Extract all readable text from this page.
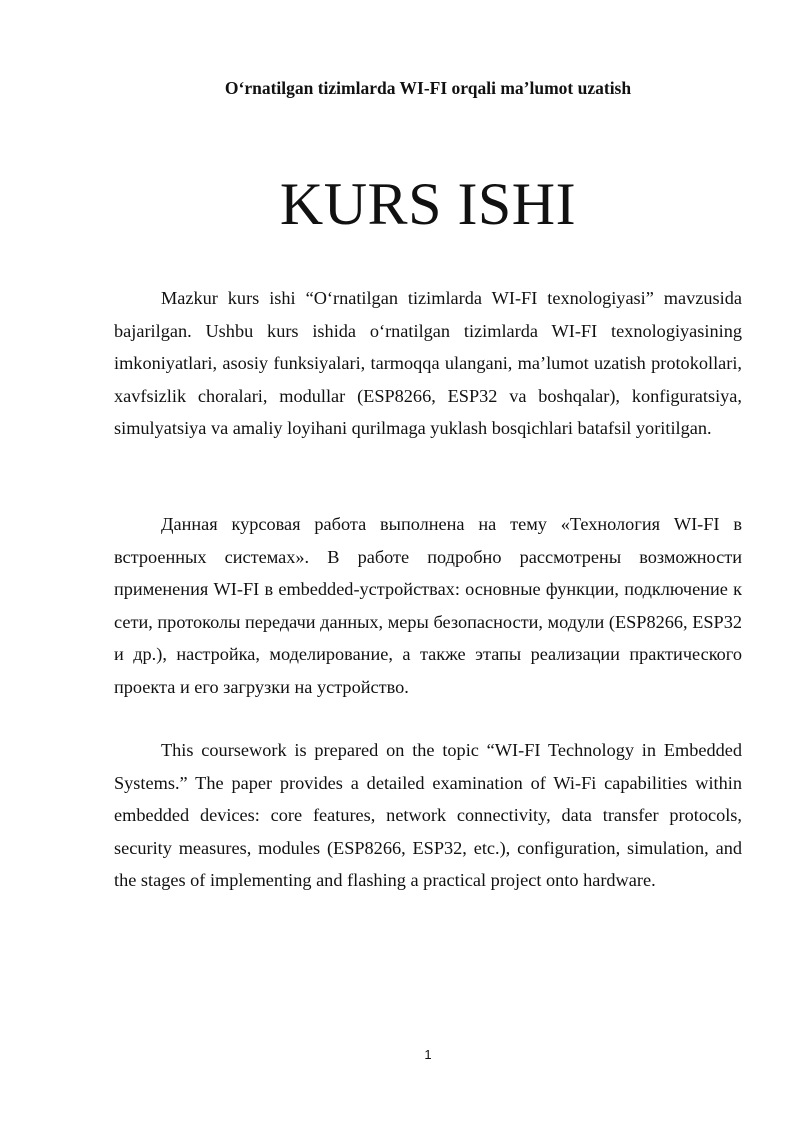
O‘rnatilgan tizimlarda WI-FI orqali ma’lumot uzatish
KURS ISHI

Mazkur kurs ishi “O‘rnatilgan tizimlarda WI-FI texnologiyasi” mavzusida bajarilgan. Ushbu kurs ishida o‘rnatilgan tizimlarda WI-FI texnologiyasining imkoniyatlari, asosiy funksiyalari, tarmoqqa ulangani, ma’lumot uzatish protokollari, xavfsizlik choralari, modullar (ESP8266, ESP32 va boshqalar), konfiguratsiya, simulyatsiya va amaliy loyihani qurilmaga yuklash bosqichlari batafsil yoritilgan.

Данная курсовая работа выполнена на тему «Технология WI-FI в встроенных системах». В работе подробно рассмотрены возможности применения WI-FI в embedded-устройствах: основные функции, подключение к сети, протоколы передачи данных, меры безопасности, модули (ESP8266, ESP32 и др.), настройка, моделирование, а также этапы реализации практического проекта и его загрузки на устройство.

This coursework is prepared on the topic “WI-FI Technology in Embedded Systems.” The paper provides a detailed examination of Wi-Fi capabilities within embedded devices: core features, network connectivity, data transfer protocols, security measures, modules (ESP8266, ESP32, etc.), configuration, simulation, and the stages of implementing and flashing a practical project onto hardware.

1
